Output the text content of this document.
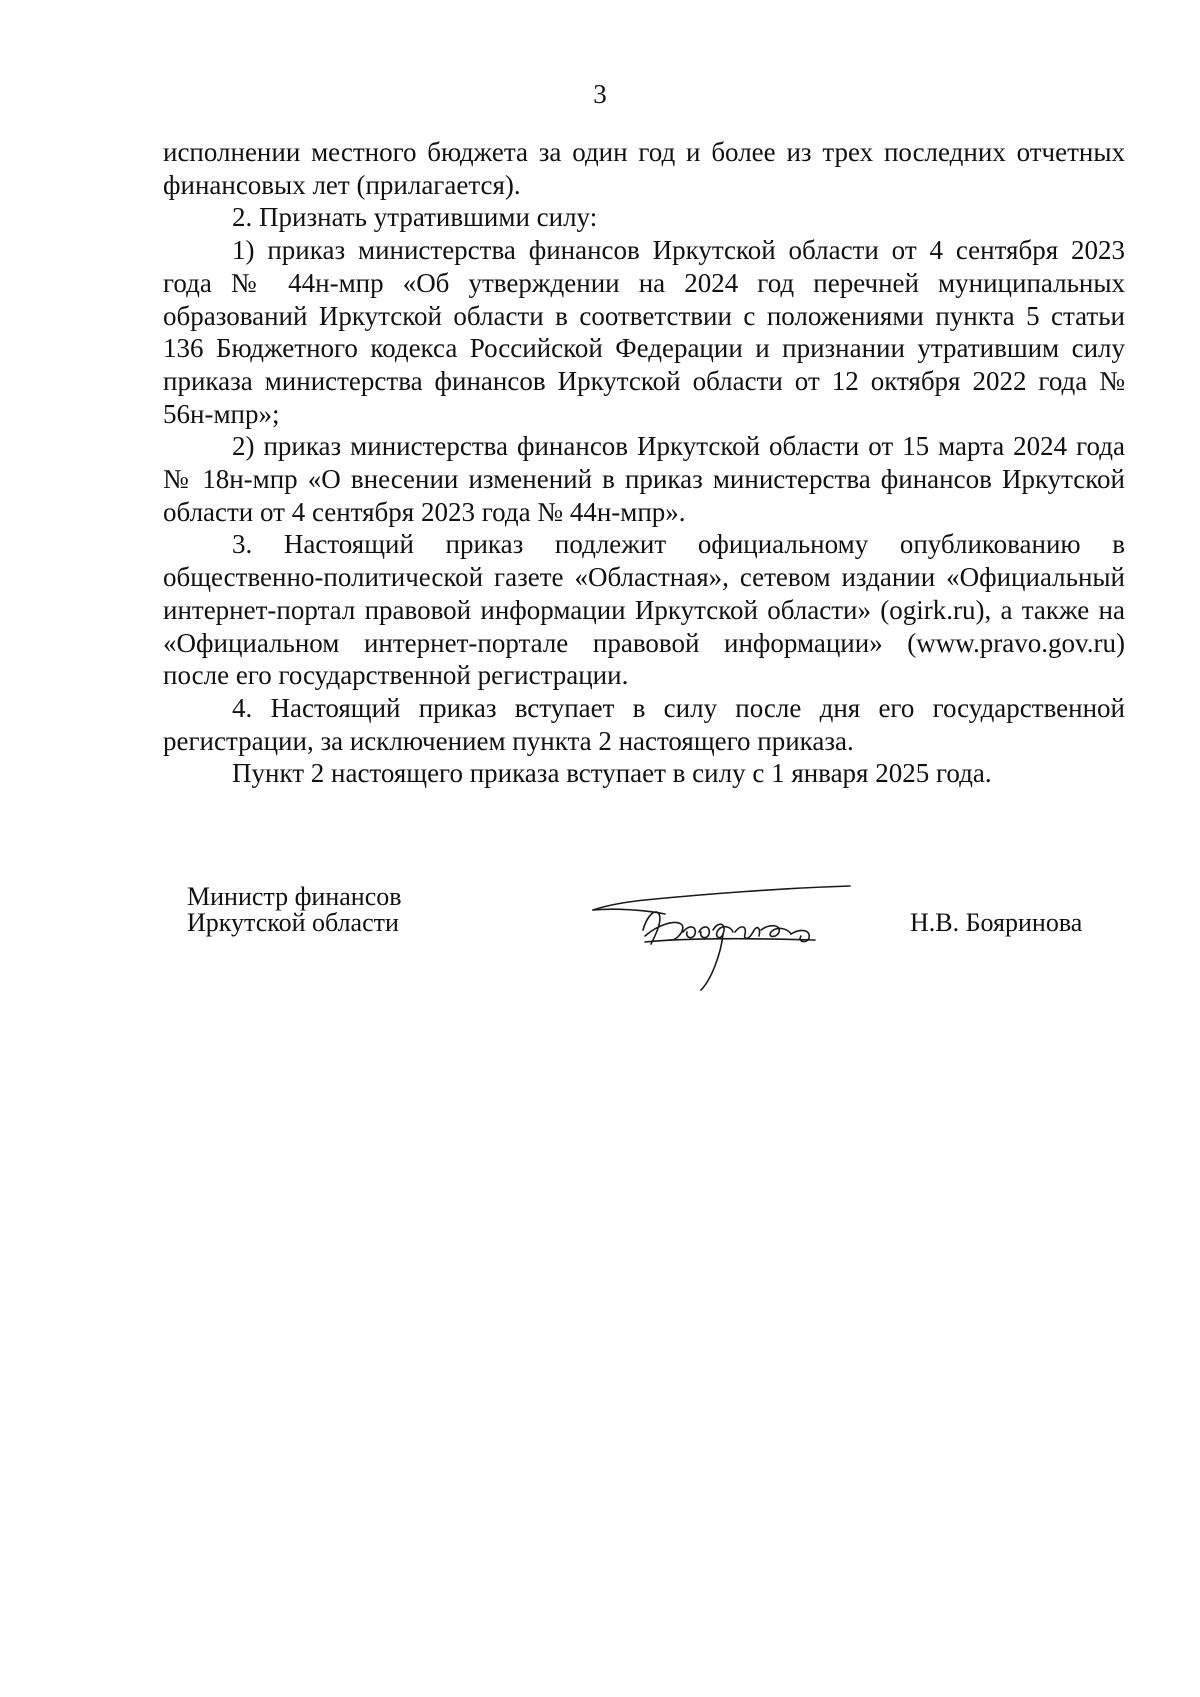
3

исполнении местного бюджета за один год и более из трех последних отчетных финансовых лет (прилагается).

2. Признать утратившими силу:

1) приказ министерства финансов Иркутской области от 4 сентября 2023 года № 44н-мпр «Об утверждении на 2024 год перечней муниципальных образований Иркутской области в соответствии с положениями пункта 5 статьи 136 Бюджетного кодекса Российской Федерации и признании утратившим силу приказа министерства финансов Иркутской области от 12 октября 2022 года № 56н-мпр»;

2) приказ министерства финансов Иркутской области от 15 марта 2024 года № 18н-мпр «О внесении изменений в приказ министерства финансов Иркутской области от 4 сентября 2023 года № 44н-мпр».

3. Настоящий приказ подлежит официальному опубликованию в общественно-политической газете «Областная», сетевом издании «Официальный интернет-портал правовой информации Иркутской области» (ogirk.ru), а также на «Официальном интернет-портале правовой информации» (www.pravo.gov.ru) после его государственной регистрации.

4. Настоящий приказ вступает в силу после дня его государственной регистрации, за исключением пункта 2 настоящего приказа.

Пункт 2 настоящего приказа вступает в силу с 1 января 2025 года.

Министр финансов
Иркутской области	Н.В. Бояринова
